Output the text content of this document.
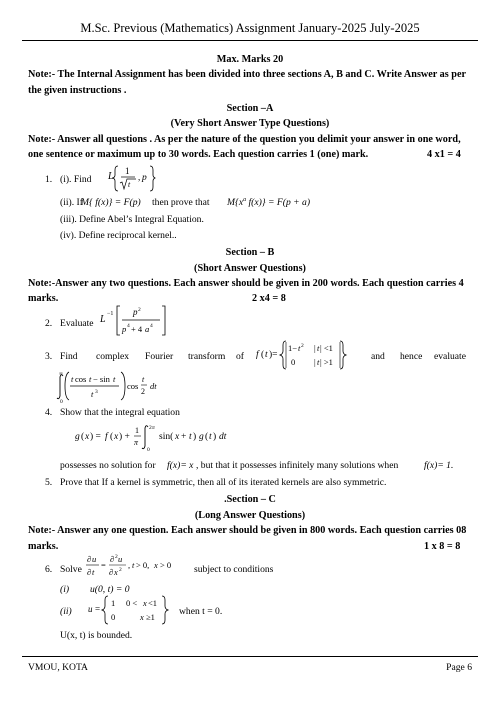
M.Sc. Previous (Mathematics) Assignment January-2025 July-2025
Max. Marks 20
Note:- The Internal Assignment has been divided into three sections A, B and C. Write Answer as per
the given instructions .
Section –A
(Very Short Answer Type Questions)
Note:- Answer all questions . As per the nature of the question you delimit your answer in one word,
one sentence or maximum up to 30 words. Each question carries 1 (one) mark.	4 x1 = 4
1. (i). Find L 1
t
, p
(ii). If
M{ f(x)} = F(p) then prove that $M\{x^a$ f(x)} = F(p + a)
(iii). Define Abel’s Integral Equation.
(iv). Define reciprocal kernel..
Section – B
(Short Answer Questions)
Note:-Answer any two questions. Each answer should be given in 200 words. Each question carries 4
marks.	2 x4 = 8
2. Evaluate L −1 p 2
p 4 + 4 a 4
3. Find complex Fourier transform of f ( t )=
1− t 2 | t | <1
0 | t | >1	and hence evaluate
∞
0
t cos t − sin t
t 3
cos
t
2
dt
4. Show that the integral equation
g ( x ) = f ( x ) +
1
π
2 π
0
sin( x + t ) g ( t ) dt
possesses no solution for f(x)= x , but that it possesses infinitely many solutions when	f(x)= 1.
5. Prove that If a kernel is symmetric, then all of its iterated kernels are also symmetric.
.Section – C
(Long Answer Questions)
Note:- Answer any one question. Each answer should be given in 800 words. Each question carries 08
marks.	1 x 8 = 8
6. Solve
∂ u
∂ t
=
∂ 2 u
∂ x 2 , t > 0, x > 0 subject to conditions
(i) u(0, t) = 0
(ii) u =
1 0 < x <1
0	x ≥1	when t = 0.
U(x, t) is bounded.
VMOU, KOTA	Page 6
